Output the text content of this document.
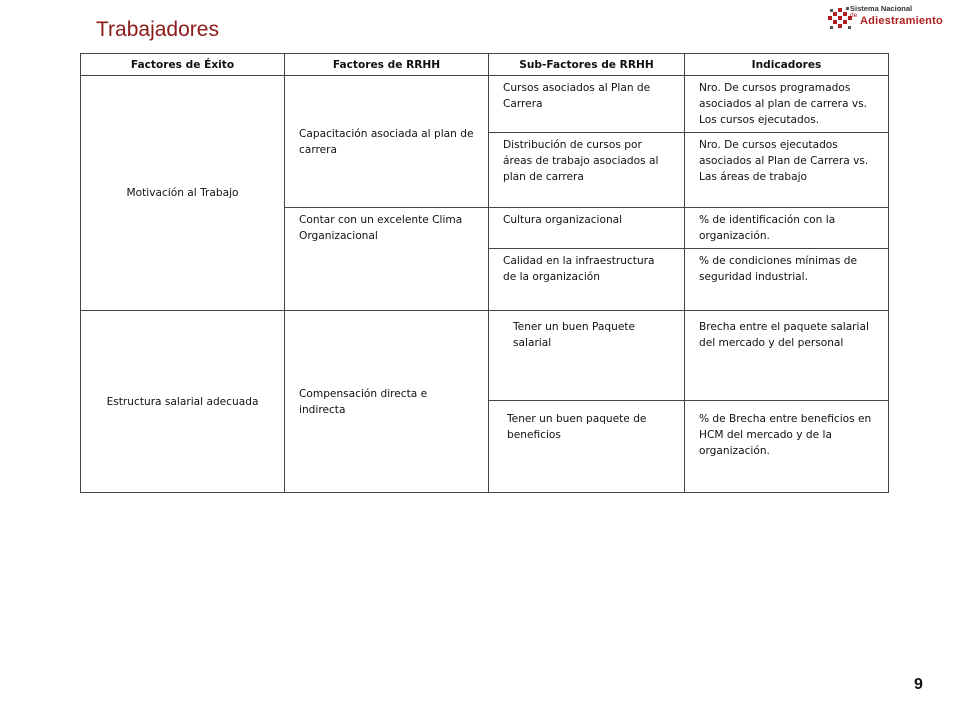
Trabajadores
Sistema Nacional
de Adiestramiento
Factores de Éxito	Factores de RRHH	Sub-Factores de RRHH	Indicadores

Motivación al Trabajo	Capacitación asociada al plan de carrera	Cursos asociados al Plan de Carrera	Nro. De cursos programados asociados al plan de carrera vs. Los cursos ejecutados.

		Distribución de cursos por áreas de trabajo asociados al plan de carrera	Nro. De cursos ejecutados asociados al Plan de Carrera vs. Las áreas de trabajo

	Contar con un excelente Clima Organizacional	Cultura organizacional	% de identificación con la organización.

		Calidad en la infraestructura de la organización	% de condiciones mínimas de seguridad industrial.

Estructura salarial adecuada	Compensación directa e indirecta	Tener un buen Paquete salarial	Brecha entre el paquete salarial del mercado y del personal

		Tener un buen paquete de beneficios	% de Brecha entre beneficios en HCM del mercado y de la organización.
9
